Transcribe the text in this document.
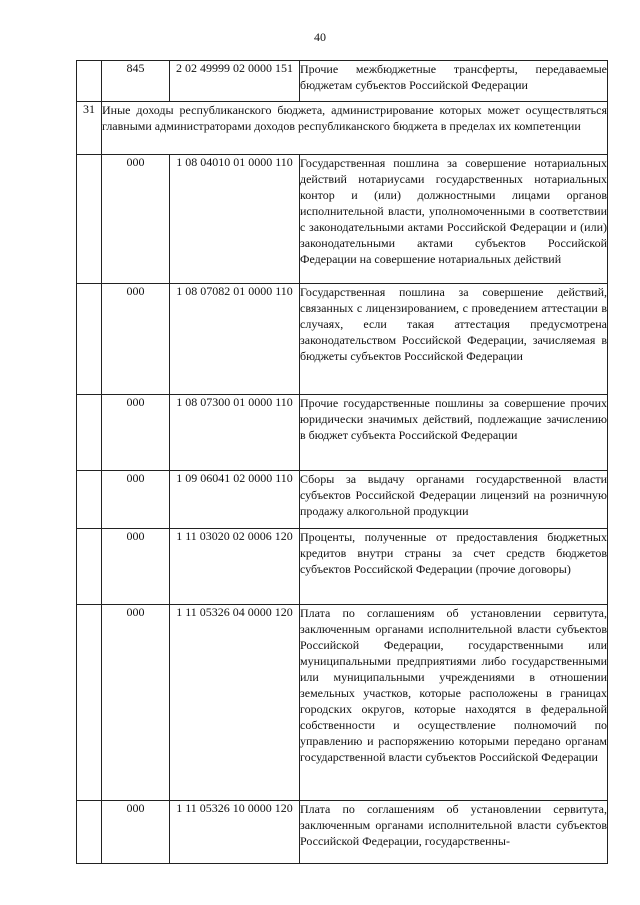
40
	845	2 02 49999 02 0000 151	Прочие межбюджетные трансферты, передаваемые бюджетам субъектов Российской Федерации
31	Иные доходы республиканского бюджета, администрирование которых может осуществляться главными администраторами доходов республиканского бюджета в пределах их компетенции		
	000	1 08 04010 01 0000 110	Государственная пошлина за совершение нотариальных действий нотариусами государственных нотариальных контор и (или) должностными лицами органов исполнительной власти, уполномоченными в соответствии с законодательными актами Российской Федерации и (или) законодательными актами субъектов Российской Федерации на совершение нотариальных действий
	000	1 08 07082 01 0000 110	Государственная пошлина за совершение действий, связанных с лицензированием, с проведением аттестации в случаях, если такая аттестация предусмотрена законодательством Российской Федерации, зачисляемая в бюджеты субъектов Российской Федерации
	000	1 08 07300 01 0000 110	Прочие государственные пошлины за совершение прочих юридически значимых действий, подлежащие зачислению в бюджет субъекта Российской Федерации
	000	1 09 06041 02 0000 110	Сборы за выдачу органами государственной власти субъектов Российской Федерации лицензий на розничную продажу алкогольной продукции
	000	1 11 03020 02 0006 120	Проценты, полученные от предоставления бюджетных кредитов внутри страны за счет средств бюджетов субъектов Российской Федерации (прочие договоры)
	000	1 11 05326 04 0000 120	Плата по соглашениям об установлении сервитута, заключенным органами исполнительной власти субъектов Российской Федерации, государственными или муниципальными предприятиями либо государственными или муниципальными учреждениями в отношении земельных участков, которые расположены в границах городских округов, которые находятся в федеральной собственности и осуществление полномочий по управлению и распоряжению которыми передано органам государственной власти субъектов Российской Федерации
	000	1 11 05326 10 0000 120	Плата по соглашениям об установлении сервитута, заключенным органами исполнительной власти субъектов Российской Федерации, государственны-
